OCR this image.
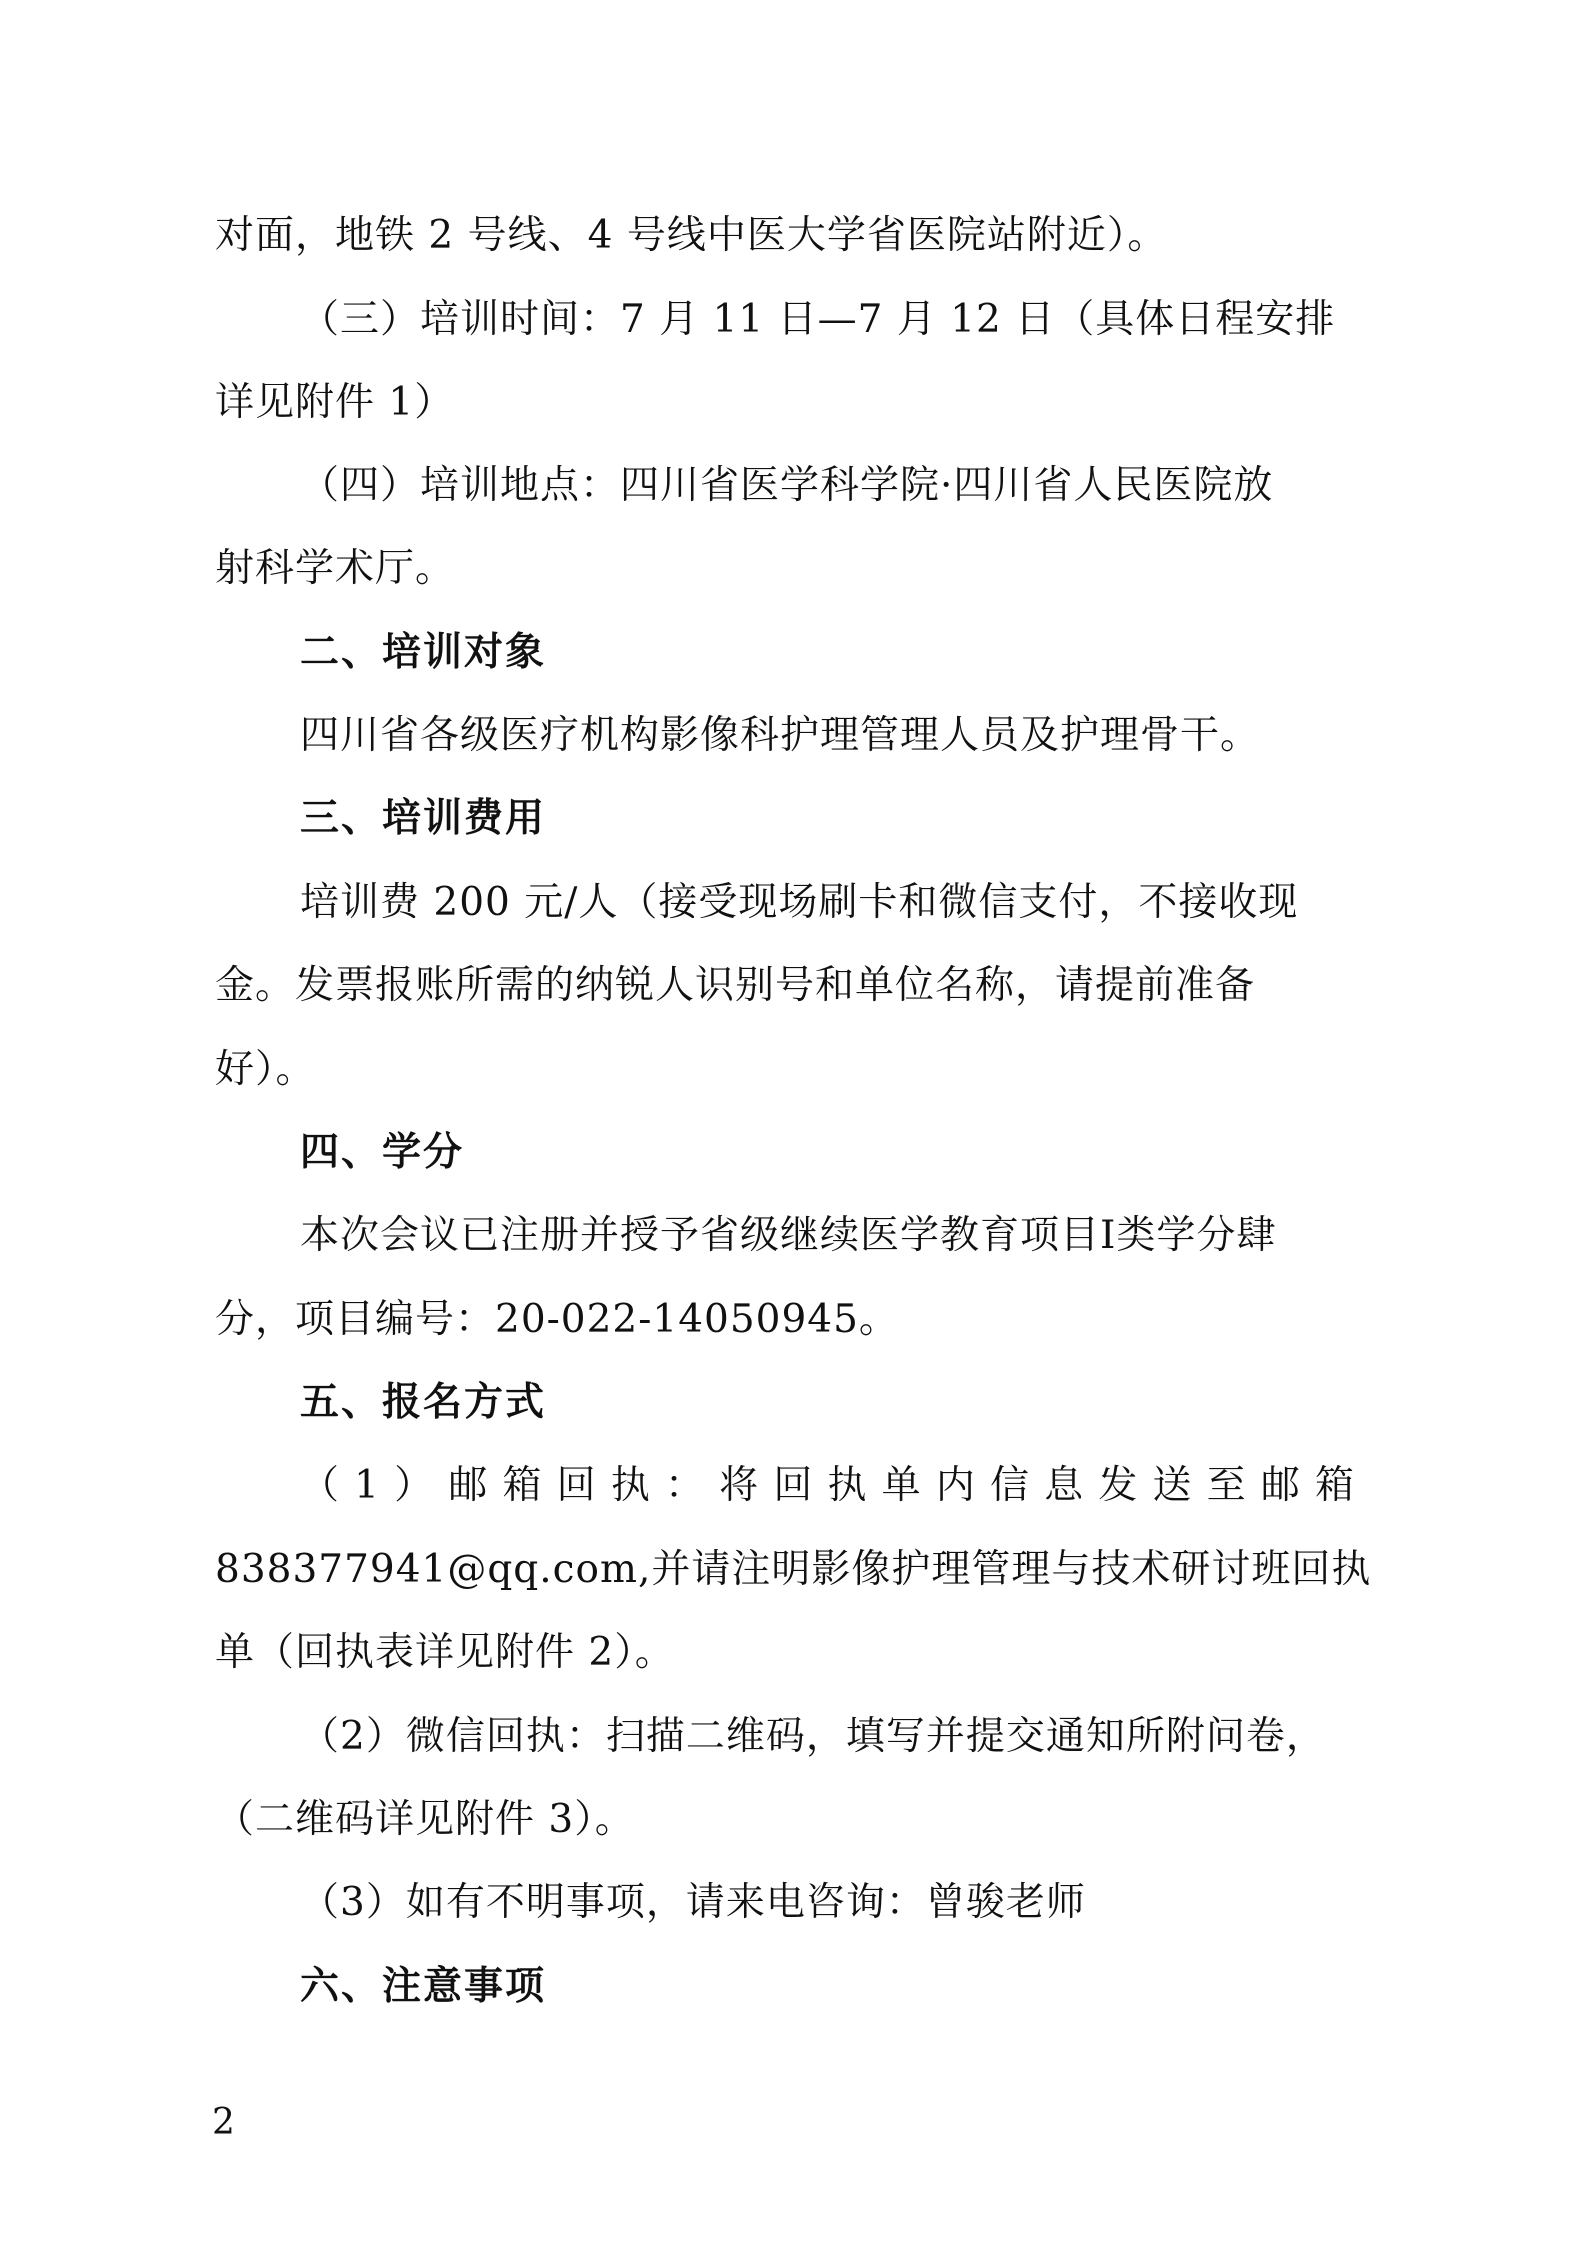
对面，地铁 2 号线、4 号线中医大学省医院站附近）。
（三）培训时间：7 月 11 日—7 月 12 日（具体日程安排
详见附件 1）
（四）培训地点：四川省医学科学院·四川省人民医院放
射科学术厅。
二、培训对象
四川省各级医疗机构影像科护理管理人员及护理骨干。
三、培训费用
培训费 200 元/人（接受现场刷卡和微信支付，不接收现
金。发票报账所需的纳锐人识别号和单位名称，请提前准备
好）。
四、学分
本次会议已注册并授予省级继续医学教育项目Ⅰ类学分肆
分，项目编号：20-022-14050945。
五、报名方式
（1）邮箱回执：将回执单内信息发送至邮箱
838377941@qq.com,并请注明影像护理管理与技术研讨班回执
单（回执表详见附件 2）。
（2）微信回执：扫描二维码，填写并提交通知所附问卷，
（二维码详见附件 3）。
（3）如有不明事项，请来电咨询：曾骏老师
六、注意事项
2
